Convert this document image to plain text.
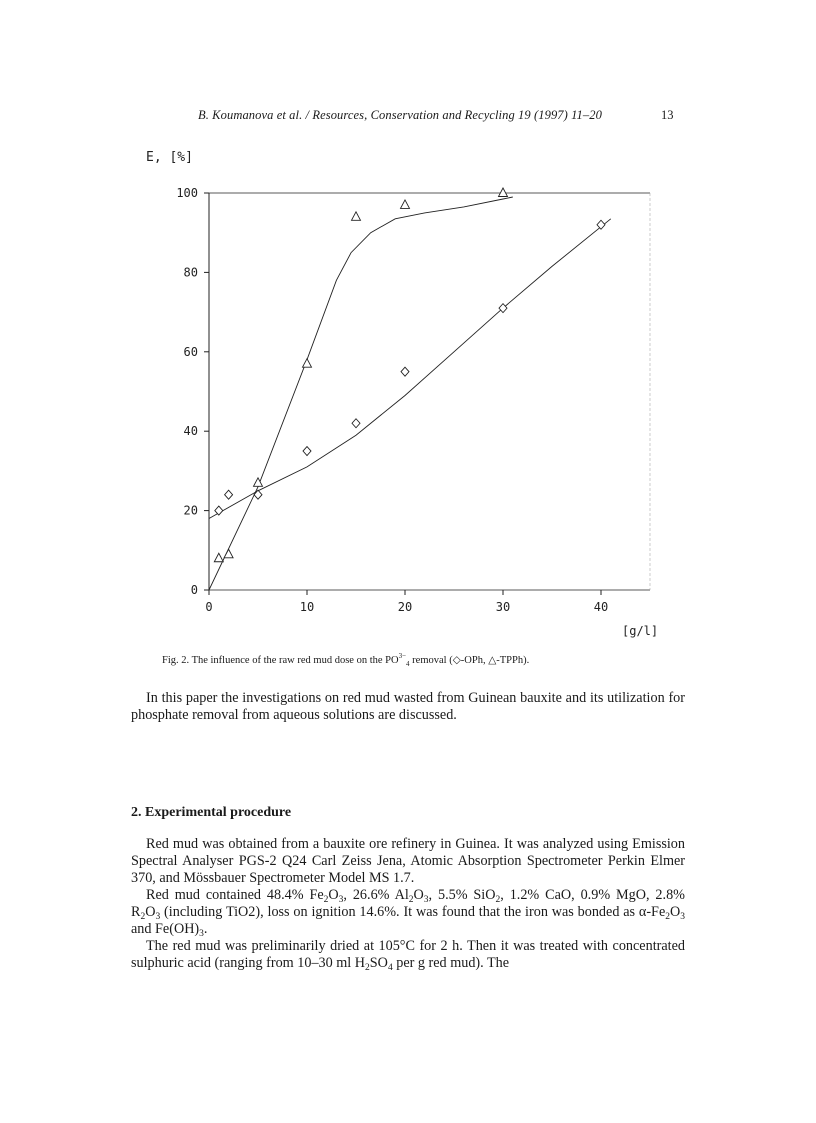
B. Koumanova et al. / Resources, Conservation and Recycling 19 (1997) 11–20	13
E, [%]
[g/l]
0
20
40
60
80
100
0	10	20	30	40
Fig. 2. The influence of the raw red mud dose on the $PO^{3-}_4$ removal (◇-OPh, △-TPPh).

In this paper the investigations on red mud wasted from Guinean bauxite and its utilization for phosphate removal from aqueous solutions are discussed.

2. Experimental procedure

Red mud was obtained from a bauxite ore refinery in Guinea. It was analyzed using Emission Spectral Analyser PGS-2 Q24 Carl Zeiss Jena, Atomic Absorption Spectrometer Perkin Elmer 370, and Mössbauer Spectrometer Model MS 1.7.

Red mud contained 48.4% $Fe_2O_3$, 26.6% $Al_2O_3$, 5.5% SiO$_2$, 1.2% CaO, 0.9% MgO, 2.8% $R_2O_3$ (including TiO2), loss on ignition 14.6%. It was found that the iron was bonded as $\alpha-Fe_2O_3$ and $Fe(OH)_3$.

The red mud was preliminarily dried at 105°C for 2 h. Then it was treated with concentrated sulphuric acid (ranging from 10–30 ml $H_2SO_4$ per g red mud). The
